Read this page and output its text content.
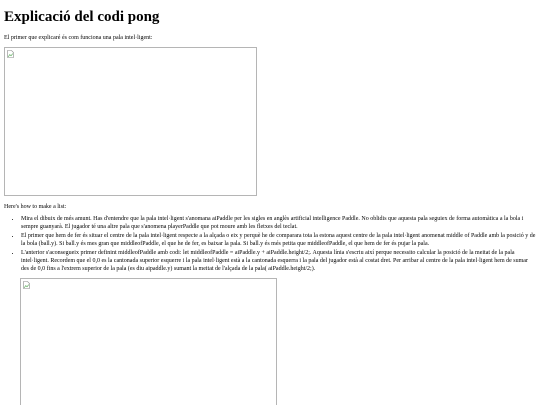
Explicació del codi pong

El primer que explicaré és com funciona una pala intel·ligent:

Here's how to make a list:

• Mira el dibuix de més amunt. Has d'entendre que la pala intel·ligent s'anomana aiPaddle per les sigles en anglès artificial intelligence Paddle. No oblidis que aquesta pala seguiex de forma automàtica a la bola i sempre guanyarà. El jugador té una altre pala que s'anomena playerPaddle que pot moure amb les fletxes del teclat.
• El primer que hem de fer és situar el centre de la pala intel·ligent respecte a la alçada o eix y perquè he de comparara tota la estona aquest centre de la pala intel·ligent anomenat middle of Paddle amb la posició y de la bola (ball.y). Si ball.y és mes gran que middleofPaddle, el que he de fer, es baixar la pala. Si ball.y és més petita que middleofPaddle, el que hem de fer és pujar la pala.
• L'anterior s'aconsegueix primer definint middleofPaddle amb codi: let middleofPaddle = aiPaddle.y + aiPaddle.height/2;. Aquesta línia s'escriu així perque necessito calcular la posició de la meitat de la pala intel·ligent. Recordem que el 0,0 es la cantonada superior esquerre i la pala intel·ligent està a la cantonada esquerra i la pala del jugador està al costat dret. Per arribar al centre de la pala intel·ligent hem de sumar des de 0,0 fins a l'extrem superior de la pala (es diu aipaddle.y) sumant la meitat de l'alçada de la pala( aiPaddle.height/2;).
